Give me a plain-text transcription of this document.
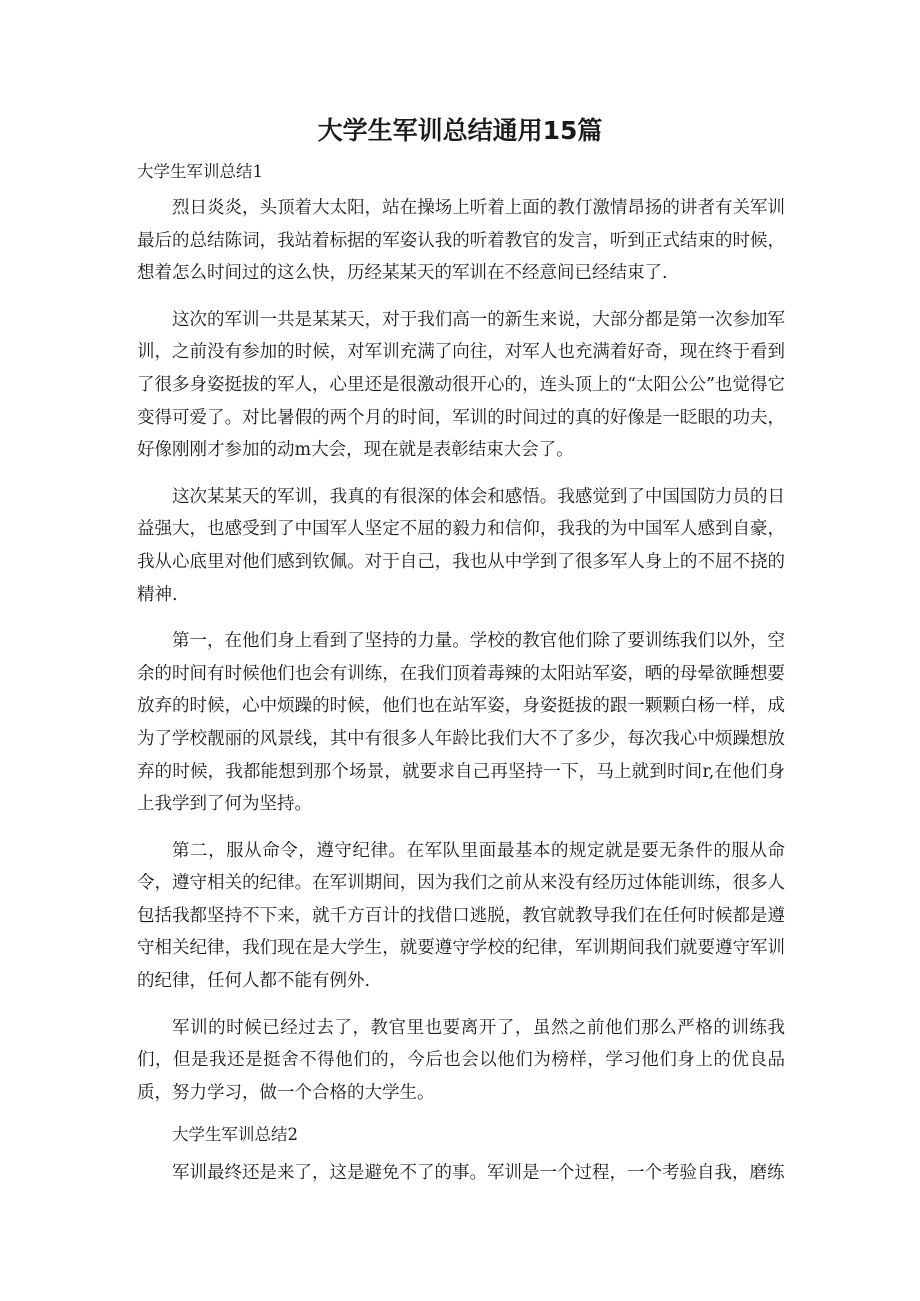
大学生军训总结通用15篇

大学生军训总结1

烈日炎炎，头顶着大太阳，站在操场上听着上面的教仃激情昂扬的讲者有关军训最后的总结陈词，我站着标据的军姿认我的听着教官的发言，听到正式结束的时候，想着怎么时间过的这么快，历经某某天的军训在不经意间已经结束了.

这次的军训一共是某某天，对于我们高一的新生来说，大部分都是第一次参加军训，之前没有参加的时候，对军训充满了向往，对军人也充满着好奇，现在终于看到了很多身姿挺拔的军人，心里还是很激动很开心的，连头顶上的“太阳公公”也觉得它变得可爱了。对比暑假的两个月的时间，军训的时间过的真的好像是一眨眼的功夫，好像刚刚才参加的动m大会，现在就是表彰结束大会了。

这次某某天的军训，我真的有很深的体会和感悟。我感觉到了中国国防力员的日益强大，也感受到了中国军人坚定不屈的毅力和信仰，我我的为中国军人感到自豪，我从心底里对他们感到钦佩。对于自己，我也从中学到了很多军人身上的不屈不挠的精神.

第一，在他们身上看到了坚持的力量。学校的教官他们除了要训练我们以外，空余的时间有时候他们也会有训练，在我们顶着毒辣的太阳站军姿，晒的母晕欲睡想要放弃的时候，心中烦躁的时候，他们也在站军姿，身姿挺拔的跟一颗颗白杨一样，成为了学校靓丽的风景线，其中有很多人年龄比我们大不了多少，每次我心中烦躁想放弃的时候，我都能想到那个场景，就要求自己再坚持一下，马上就到时间r,在他们身上我学到了何为坚持。

第二，服从命令，遵守纪律。在军队里面最基本的规定就是要无条件的服从命令，遵守相关的纪律。在军训期间，因为我们之前从来没有经历过体能训练，很多人包括我都坚持不下来，就千方百计的找借口逃脱，教官就教导我们在任何时候都是遵守相关纪律，我们现在是大学生，就要遵守学校的纪律，军训期间我们就要遵守军训的纪律，任何人都不能有例外.

军训的时候已经过去了，教官里也要离开了，虽然之前他们那么严格的训练我们，但是我还是挺舍不得他们的，今后也会以他们为榜样，学习他们身上的优良品质，努力学习，做一个合格的大学生。

大学生军训总结2

军训最终还是来了，这是避免不了的事。军训是一个过程，一个考验自我，磨练
